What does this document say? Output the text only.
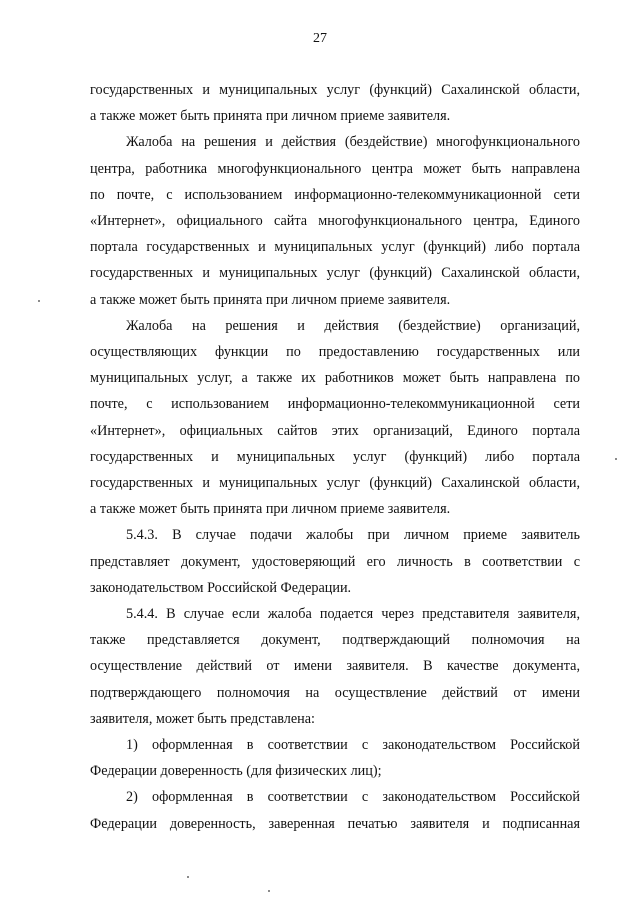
27

государственных и муниципальных услуг (функций) Сахалинской области,
а также может быть принята при личном приеме заявителя.

Жалоба на решения и действия (бездействие) многофункционального
центра, работника многофункционального центра может быть направлена
по почте, с использованием информационно-телекоммуникационной сети
«Интернет», официального сайта многофункционального центра, Единого
портала государственных и муниципальных услуг (функций) либо портала
государственных и муниципальных услуг (функций) Сахалинской области,
а также может быть принята при личном приеме заявителя.

Жалоба на решения и действия (бездействие) организаций,
осуществляющих функции по предоставлению государственных или
муниципальных услуг, а также их работников может быть направлена по
почте, с использованием информационно-телекоммуникационной сети
«Интернет», официальных сайтов этих организаций, Единого портала
государственных и муниципальных услуг (функций) либо портала
государственных и муниципальных услуг (функций) Сахалинской области,
а также может быть принята при личном приеме заявителя.

5.4.3. В случае подачи жалобы при личном приеме заявитель
представляет документ, удостоверяющий его личность в соответствии с
законодательством Российской Федерации.

5.4.4. В случае если жалоба подается через представителя заявителя,
также представляется документ, подтверждающий полномочия на
осуществление действий от имени заявителя. В качестве документа,
подтверждающего полномочия на осуществление действий от имени
заявителя, может быть представлена:

1) оформленная в соответствии с законодательством Российской
Федерации доверенность (для физических лиц);

2) оформленная в соответствии с законодательством Российской
Федерации доверенность, заверенная печатью заявителя и подписанная
